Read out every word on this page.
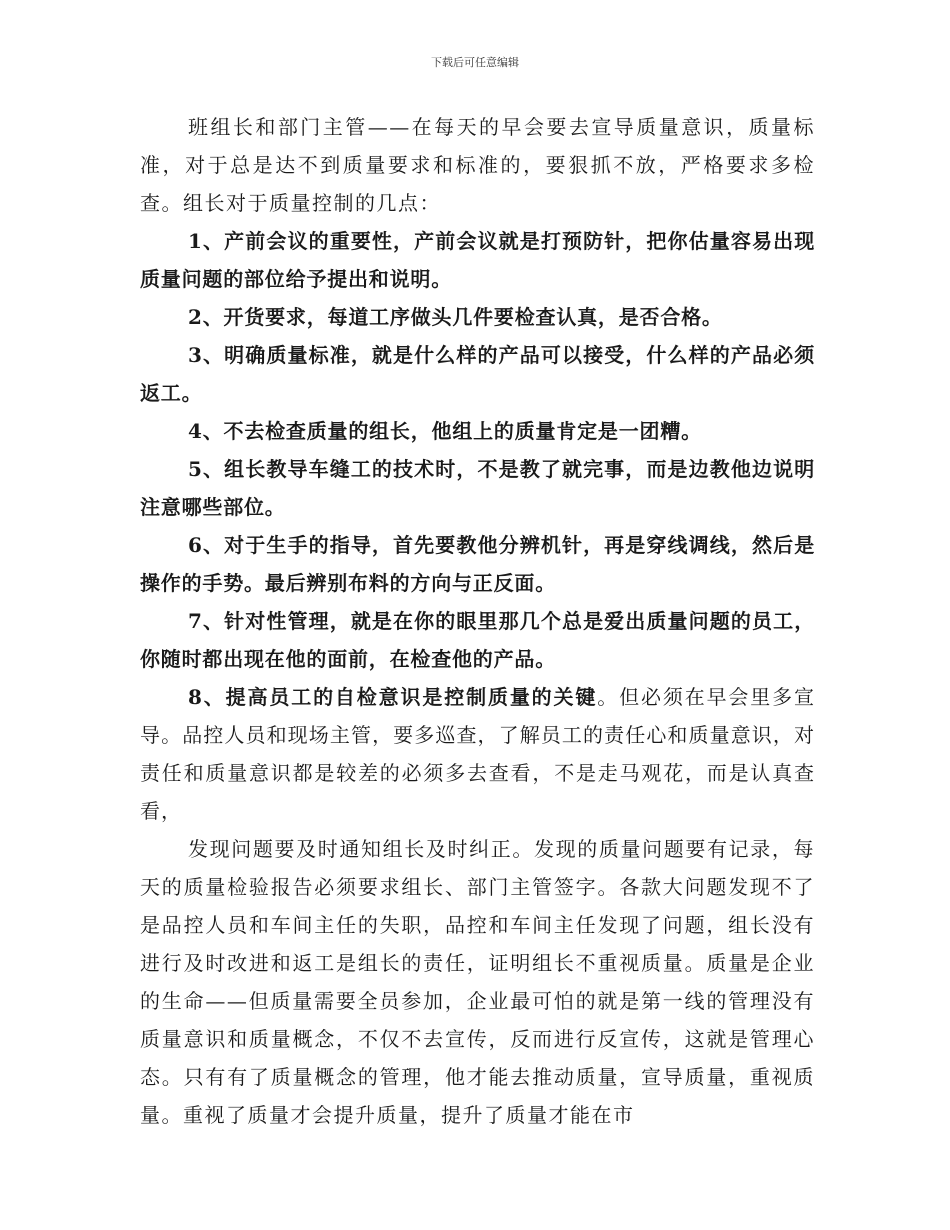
下载后可任意编辑

班组长和部门主管——在每天的早会要去宣导质量意识，质量标准，对于总是达不到质量要求和标准的，要狠抓不放，严格要求多检查。组长对于质量控制的几点：

1、产前会议的重要性，产前会议就是打预防针，把你估量容易出现质量问题的部位给予提出和说明。

2、开货要求，每道工序做头几件要检查认真，是否合格。

3、明确质量标准，就是什么样的产品可以接受，什么样的产品必须返工。

4、不去检查质量的组长，他组上的质量肯定是一团糟。

5、组长教导车缝工的技术时，不是教了就完事，而是边教他边说明注意哪些部位。

6、对于生手的指导，首先要教他分辨机针，再是穿线调线，然后是操作的手势。最后辨别布料的方向与正反面。

7、针对性管理，就是在你的眼里那几个总是爱出质量问题的员工，你随时都出现在他的面前，在检查他的产品。

8、提高员工的自检意识是控制质量的关键。但必须在早会里多宣导。品控人员和现场主管，要多巡查，了解员工的责任心和质量意识，对责任和质量意识都是较差的必须多去查看，不是走马观花，而是认真查看，

发现问题要及时通知组长及时纠正。发现的质量问题要有记录，每天的质量检验报告必须要求组长、部门主管签字。各款大问题发现不了是品控人员和车间主任的失职，品控和车间主任发现了问题，组长没有进行及时改进和返工是组长的责任，证明组长不重视质量。质量是企业的生命——但质量需要全员参加，企业最可怕的就是第一线的管理没有质量意识和质量概念，不仅不去宣传，反而进行反宣传，这就是管理心态。只有有了质量概念的管理，他才能去推动质量，宣导质量，重视质量。重视了质量才会提升质量，提升了质量才能在市
